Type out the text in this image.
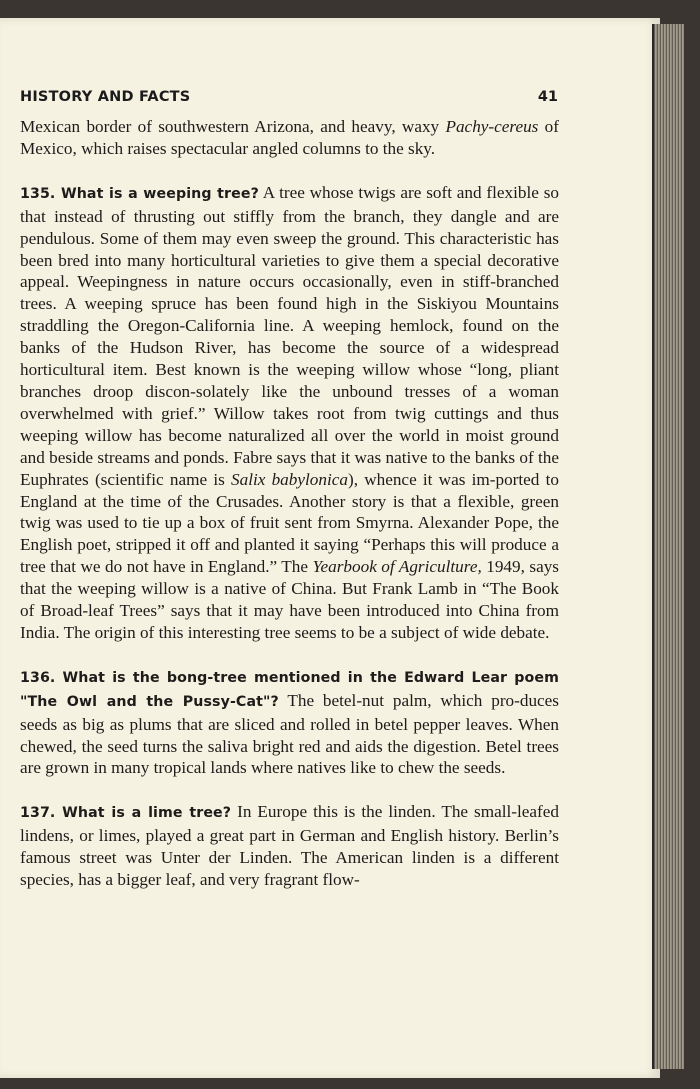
HISTORY AND FACTS	41

Mexican border of southwestern Arizona, and heavy, waxy Pachy-cereus of Mexico, which raises spectacular angled columns to the sky.

135. What is a weeping tree? A tree whose twigs are soft and flexible so that instead of thrusting out stiffly from the branch, they dangle and are pendulous. Some of them may even sweep the ground. This characteristic has been bred into many horticultural varieties to give them a special decorative appeal. Weepingness in nature occurs occasionally, even in stiff-branched trees. A weeping spruce has been found high in the Siskiyou Mountains straddling the Oregon-California line. A weeping hemlock, found on the banks of the Hudson River, has become the source of a widespread horticultural item. Best known is the weeping willow whose “long, pliant branches droop discon-solately like the unbound tresses of a woman overwhelmed with grief.” Willow takes root from twig cuttings and thus weeping willow has become naturalized all over the world in moist ground and beside streams and ponds. Fabre says that it was native to the banks of the Euphrates (scientific name is Salix babylonica), whence it was im-ported to England at the time of the Crusades. Another story is that a flexible, green twig was used to tie up a box of fruit sent from Smyrna. Alexander Pope, the English poet, stripped it off and planted it saying “Perhaps this will produce a tree that we do not have in England.” The Yearbook of Agriculture, 1949, says that the weeping willow is a native of China. But Frank Lamb in “The Book of Broad-leaf Trees” says that it may have been introduced into China from India. The origin of this interesting tree seems to be a subject of wide debate.

136. What is the bong-tree mentioned in the Edward Lear poem "The Owl and the Pussy-Cat"? The betel-nut palm, which pro-duces seeds as big as plums that are sliced and rolled in betel pepper leaves. When chewed, the seed turns the saliva bright red and aids the digestion. Betel trees are grown in many tropical lands where natives like to chew the seeds.

137. What is a lime tree? In Europe this is the linden. The small-leafed lindens, or limes, played a great part in German and English history. Berlin’s famous street was Unter der Linden. The American linden is a different species, has a bigger leaf, and very fragrant flow-
